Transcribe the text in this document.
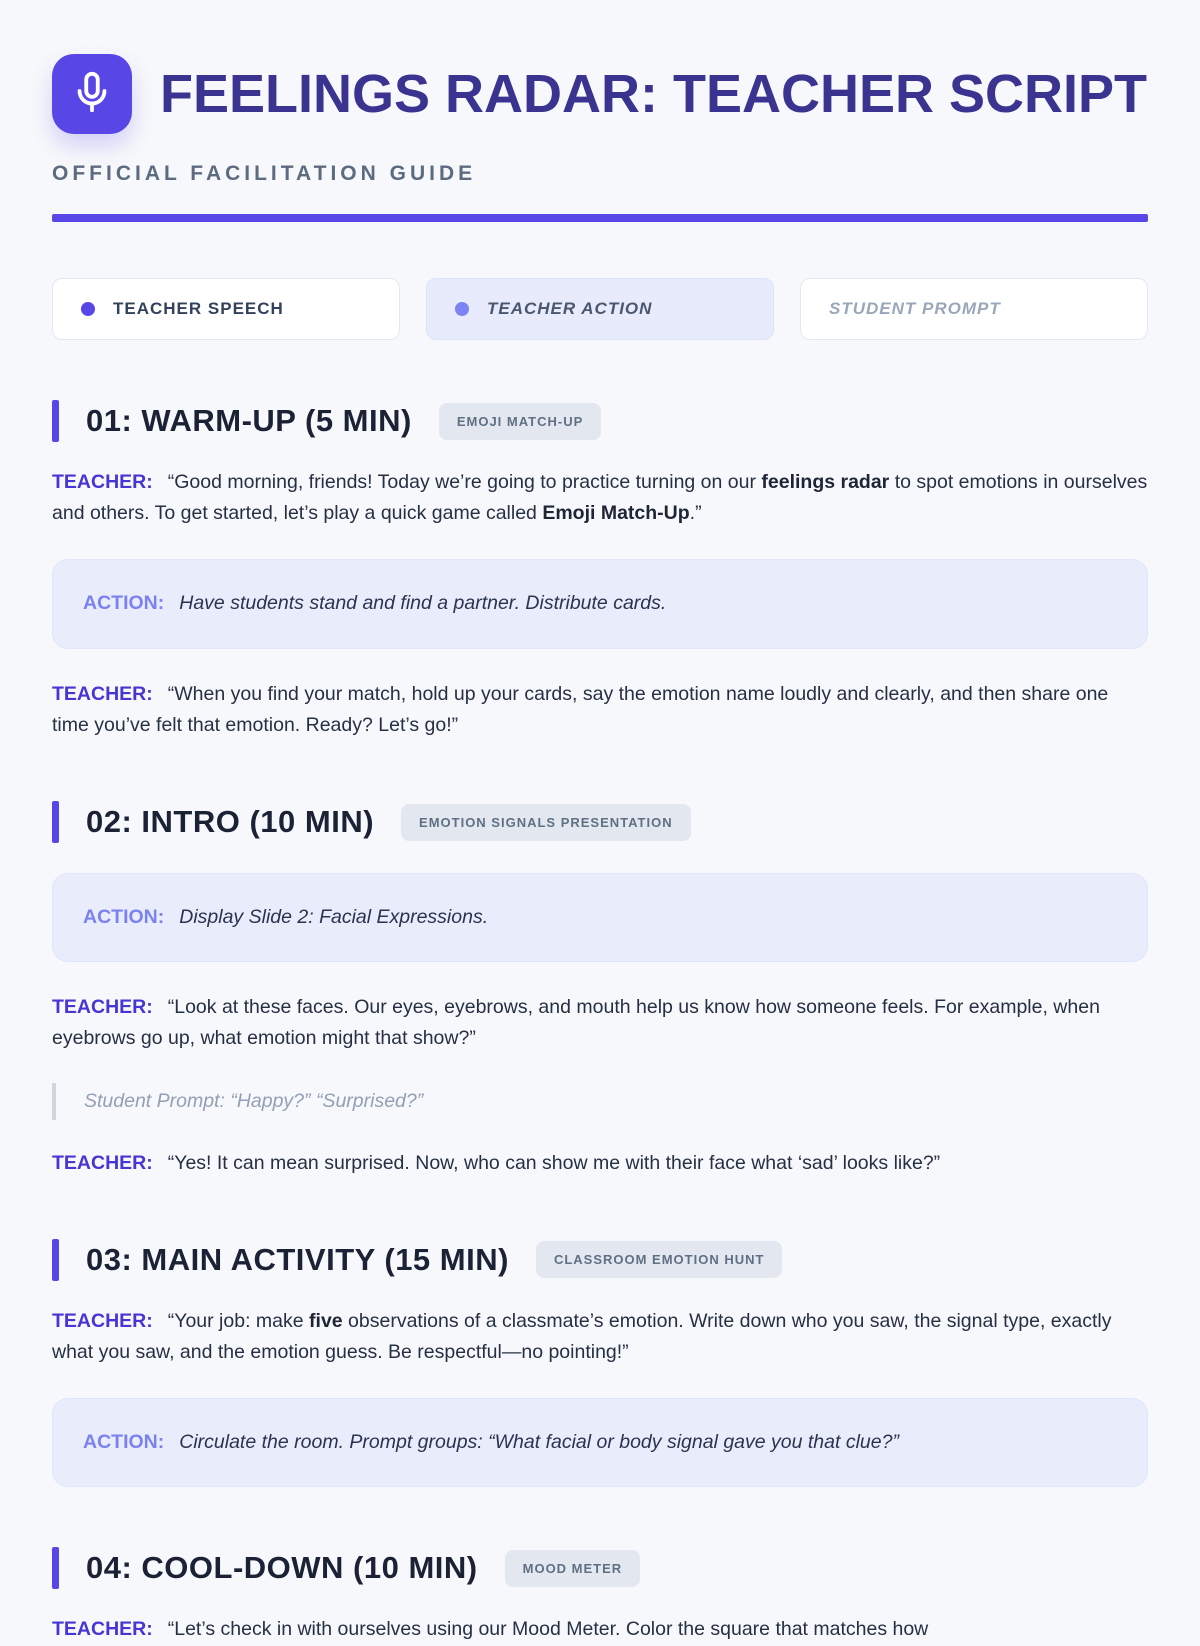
FEELINGS RADAR: TEACHER SCRIPT
OFFICIAL FACILITATION GUIDE
TEACHER SPEECH	TEACHER ACTION	STUDENT PROMPT
01: WARM-UP (5 MIN)	EMOJI MATCH-UP

TEACHER: “Good morning, friends! Today we’re going to practice turning on our feelings radar to spot emotions in ourselves and others. To get started, let’s play a quick game called Emoji Match-Up.”

ACTION: Have students stand and find a partner. Distribute cards.

TEACHER: “When you find your match, hold up your cards, say the emotion name loudly and clearly, and then share one time you’ve felt that emotion. Ready? Let’s go!”

02: INTRO (10 MIN)	EMOTION SIGNALS PRESENTATION
ACTION: Display Slide 2: Facial Expressions.

TEACHER: “Look at these faces. Our eyes, eyebrows, and mouth help us know how someone feels. For example, when eyebrows go up, what emotion might that show?”

Student Prompt: “Happy?” “Surprised?”

TEACHER: “Yes! It can mean surprised. Now, who can show me with their face what ‘sad’ looks like?”

03: MAIN ACTIVITY (15 MIN)	CLASSROOM EMOTION HUNT

TEACHER: “Your job: make five observations of a classmate’s emotion. Write down who you saw, the signal type, exactly what you saw, and the emotion guess. Be respectful—no pointing!”

ACTION: Circulate the room. Prompt groups: “What facial or body signal gave you that clue?”
04: COOL-DOWN (10 MIN)	MOOD METER

TEACHER: “Let’s check in with ourselves using our Mood Meter. Color the square that matches how
